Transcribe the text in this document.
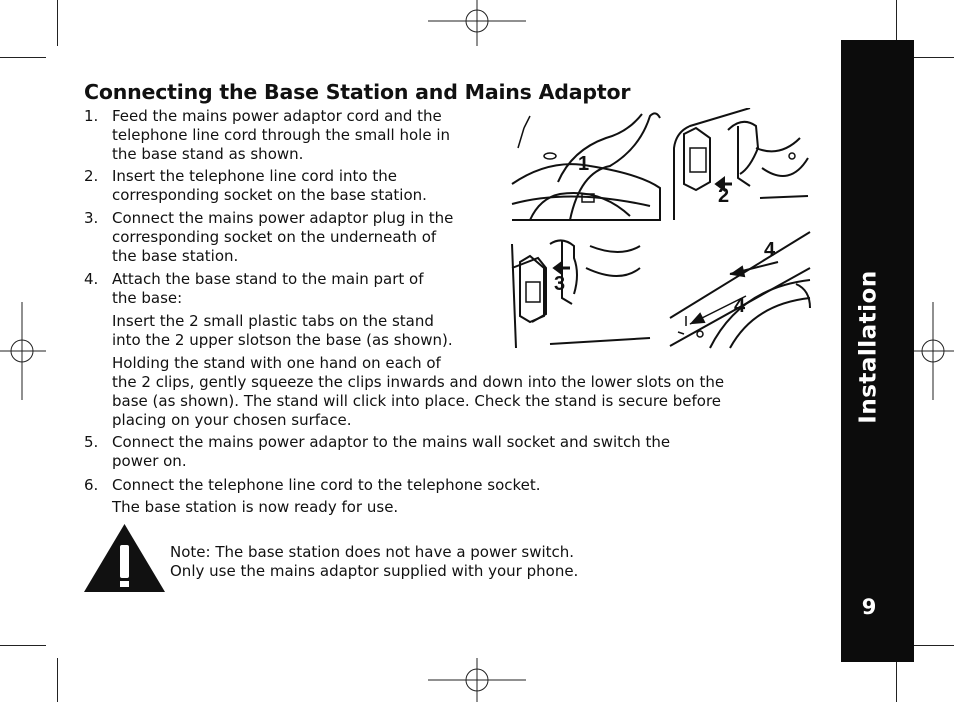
Installation
9
Connecting the Base Station and Mains Adaptor
1. Feed the mains power adaptor cord and the
telephone line cord through the small hole in
the base stand as shown.
2. Insert the telephone line cord into the
corresponding socket on the base station.
3. Connect the mains power adaptor plug in the
corresponding socket on the underneath of
the base station.
4. Attach the base stand to the main part of
the base:
Insert the 2 small plastic tabs on the stand
into the 2 upper slotson the base (as shown).
Holding the stand with one hand on each of
the 2 clips, gently squeeze the clips inwards and down into the lower slots on the
base (as shown). The stand will click into place. Check the stand is secure before
placing on your chosen surface.
5. Connect the mains power adaptor to the mains wall socket and switch the
power on.
6. Connect the telephone line cord to the telephone socket.
The base station is now ready for use.
1
2
3
4
4
Note: The base station does not have a power switch.
Only use the mains adaptor supplied with your phone.
